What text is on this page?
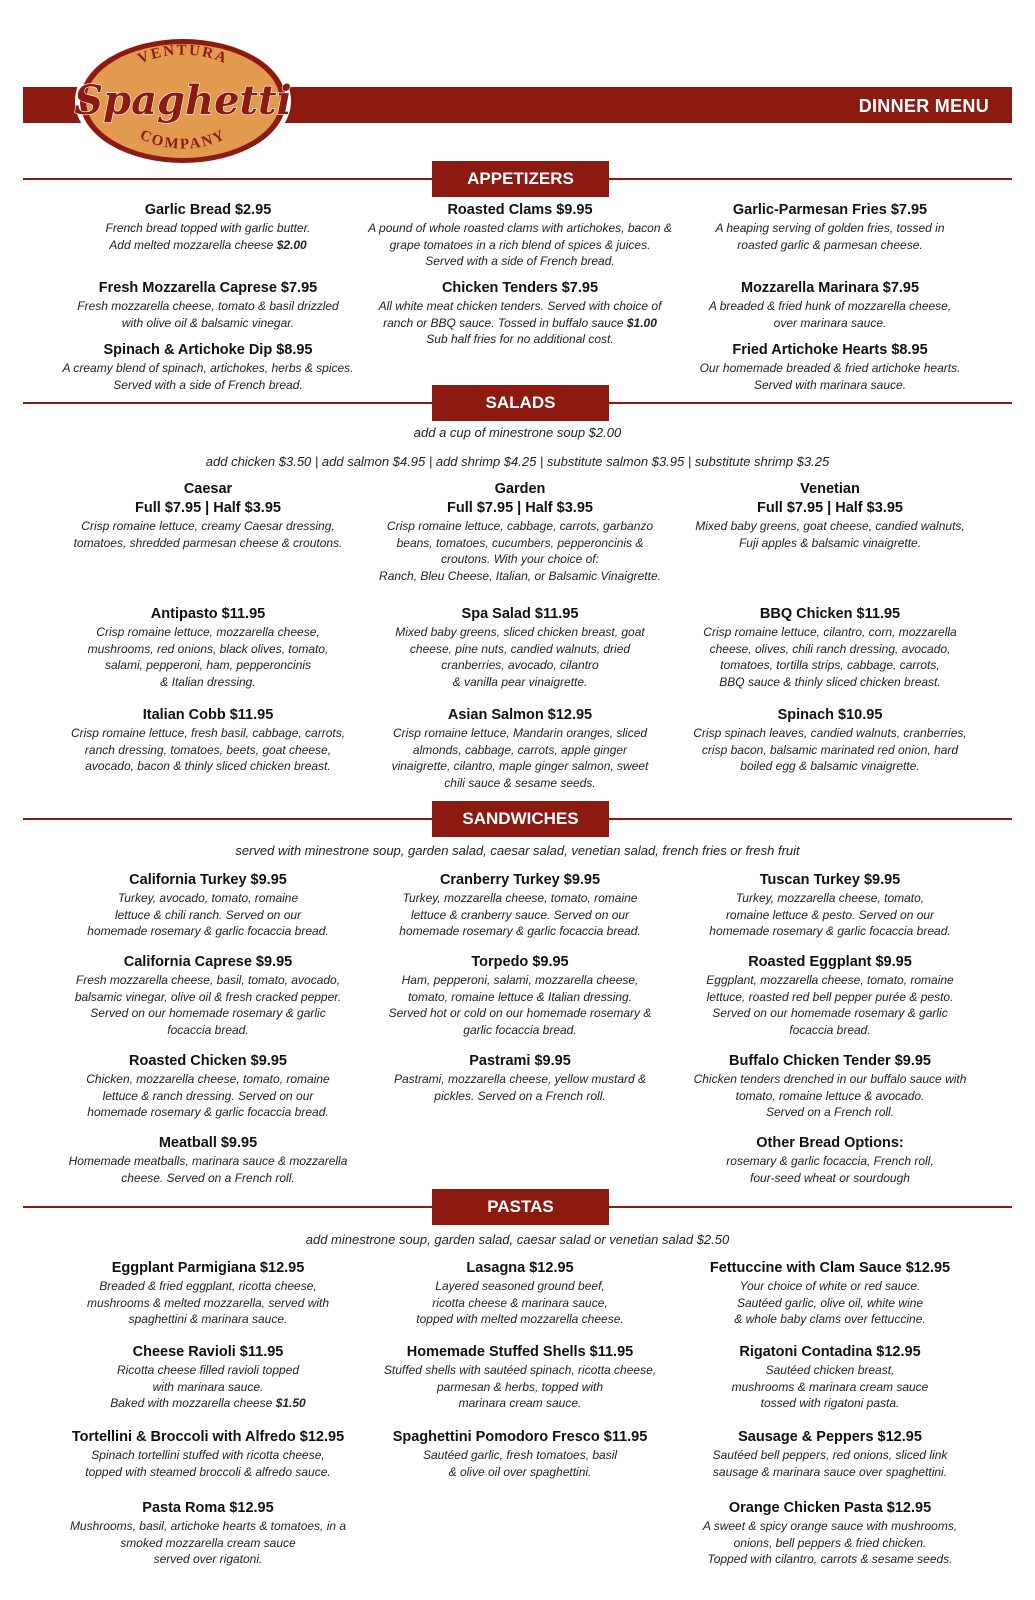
DINNER MENU
VENTURA
Spaghetti
COMPANY
APPETIZERS
Garlic Bread $2.95
French bread topped with garlic butter.
Add melted mozzarella cheese $2.00
Roasted Clams $9.95
A pound of whole roasted clams with artichokes, bacon &
grape tomatoes in a rich blend of spices & juices.
Served with a side of French bread.
Garlic-Parmesan Fries $7.95
A heaping serving of golden fries, tossed in
roasted garlic & parmesan cheese.
Fresh Mozzarella Caprese $7.95
Fresh mozzarella cheese, tomato & basil drizzled
with olive oil & balsamic vinegar.
Chicken Tenders $7.95
All white meat chicken tenders. Served with choice of
ranch or BBQ sauce. Tossed in buffalo sauce $1.00
Sub half fries for no additional cost.
Mozzarella Marinara $7.95
A breaded & fried hunk of mozzarella cheese,
over marinara sauce.
Spinach & Artichoke Dip $8.95
A creamy blend of spinach, artichokes, herbs & spices.
Served with a side of French bread.
Fried Artichoke Hearts $8.95
Our homemade breaded & fried artichoke hearts.
Served with marinara sauce.
SALADS
add a cup of minestrone soup $2.00
add chicken $3.50 | add salmon $4.95 | add shrimp $4.25 | substitute salmon $3.95 | substitute shrimp $3.25
Caesar
Full $7.95 | Half $3.95
Crisp romaine lettuce, creamy Caesar dressing,
tomatoes, shredded parmesan cheese & croutons.
Garden
Full $7.95 | Half $3.95
Crisp romaine lettuce, cabbage, carrots, garbanzo
beans, tomatoes, cucumbers, pepperoncinis &
croutons. With your choice of:
Ranch, Bleu Cheese, Italian, or Balsamic Vinaigrette.
Venetian
Full $7.95 | Half $3.95
Mixed baby greens, goat cheese, candied walnuts,
Fuji apples & balsamic vinaigrette.
Antipasto $11.95
Crisp romaine lettuce, mozzarella cheese,
mushrooms, red onions, black olives, tomato,
salami, pepperoni, ham, pepperoncinis
& Italian dressing.
Spa Salad $11.95
Mixed baby greens, sliced chicken breast, goat
cheese, pine nuts, candied walnuts, dried
cranberries, avocado, cilantro
& vanilla pear vinaigrette.
BBQ Chicken $11.95
Crisp romaine lettuce, cilantro, corn, mozzarella
cheese, olives, chili ranch dressing, avocado,
tomatoes, tortilla strips, cabbage, carrots,
BBQ sauce & thinly sliced chicken breast.
Italian Cobb $11.95
Crisp romaine lettuce, fresh basil, cabbage, carrots,
ranch dressing, tomatoes, beets, goat cheese,
avocado, bacon & thinly sliced chicken breast.
Asian Salmon $12.95
Crisp romaine lettuce, Mandarin oranges, sliced
almonds, cabbage, carrots, apple ginger
vinaigrette, cilantro, maple ginger salmon, sweet
chili sauce & sesame seeds.
Spinach $10.95
Crisp spinach leaves, candied walnuts, cranberries,
crisp bacon, balsamic marinated red onion, hard
boiled egg & balsamic vinaigrette.
SANDWICHES
served with minestrone soup, garden salad, caesar salad, venetian salad, french fries or fresh fruit
California Turkey $9.95
Turkey, avocado, tomato, romaine
lettuce & chili ranch. Served on our
homemade rosemary & garlic focaccia bread.
Cranberry Turkey $9.95
Turkey, mozzarella cheese, tomato, romaine
lettuce & cranberry sauce. Served on our
homemade rosemary & garlic focaccia bread.
Tuscan Turkey $9.95
Turkey, mozzarella cheese, tomato,
romaine lettuce & pesto. Served on our
homemade rosemary & garlic focaccia bread.
California Caprese $9.95
Fresh mozzarella cheese, basil, tomato, avocado,
balsamic vinegar, olive oil & fresh cracked pepper.
Served on our homemade rosemary & garlic
focaccia bread.
Torpedo $9.95
Ham, pepperoni, salami, mozzarella cheese,
tomato, romaine lettuce & Italian dressing.
Served hot or cold on our homemade rosemary &
garlic focaccia bread.
Roasted Eggplant $9.95
Eggplant, mozzarella cheese, tomato, romaine
lettuce, roasted red bell pepper purée & pesto.
Served on our homemade rosemary & garlic
focaccia bread.
Roasted Chicken $9.95
Chicken, mozzarella cheese, tomato, romaine
lettuce & ranch dressing. Served on our
homemade rosemary & garlic focaccia bread.
Pastrami $9.95
Pastrami, mozzarella cheese, yellow mustard &
pickles. Served on a French roll.
Buffalo Chicken Tender $9.95
Chicken tenders drenched in our buffalo sauce with
tomato, romaine lettuce & avocado.
Served on a French roll.
Meatball $9.95
Homemade meatballs, marinara sauce & mozzarella
cheese. Served on a French roll.
Other Bread Options:
rosemary & garlic focaccia, French roll,
four-seed wheat or sourdough
PASTAS
add minestrone soup, garden salad, caesar salad or venetian salad $2.50
Eggplant Parmigiana $12.95
Breaded & fried eggplant, ricotta cheese,
mushrooms & melted mozzarella, served with
spaghettini & marinara sauce.
Lasagna $12.95
Layered seasoned ground beef,
ricotta cheese & marinara sauce,
topped with melted mozzarella cheese.
Fettuccine with Clam Sauce $12.95
Your choice of white or red sauce.
Sautéed garlic, olive oil, white wine
& whole baby clams over fettuccine.
Cheese Ravioli $11.95
Ricotta cheese filled ravioli topped
with marinara sauce.
Baked with mozzarella cheese $1.50
Homemade Stuffed Shells $11.95
Stuffed shells with sautéed spinach, ricotta cheese,
parmesan & herbs, topped with
marinara cream sauce.
Rigatoni Contadina $12.95
Sautéed chicken breast,
mushrooms & marinara cream sauce
tossed with rigatoni pasta.
Tortellini & Broccoli with Alfredo $12.95
Spinach tortellini stuffed with ricotta cheese,
topped with steamed broccoli & alfredo sauce.
Spaghettini Pomodoro Fresco $11.95
Sautéed garlic, fresh tomatoes, basil
& olive oil over spaghettini.
Sausage & Peppers $12.95
Sautéed bell peppers, red onions, sliced link
sausage & marinara sauce over spaghettini.
Pasta Roma $12.95
Mushrooms, basil, artichoke hearts & tomatoes, in a
smoked mozzarella cream sauce
served over rigatoni.
Orange Chicken Pasta $12.95
A sweet & spicy orange sauce with mushrooms,
onions, bell peppers & fried chicken.
Topped with cilantro, carrots & sesame seeds.
